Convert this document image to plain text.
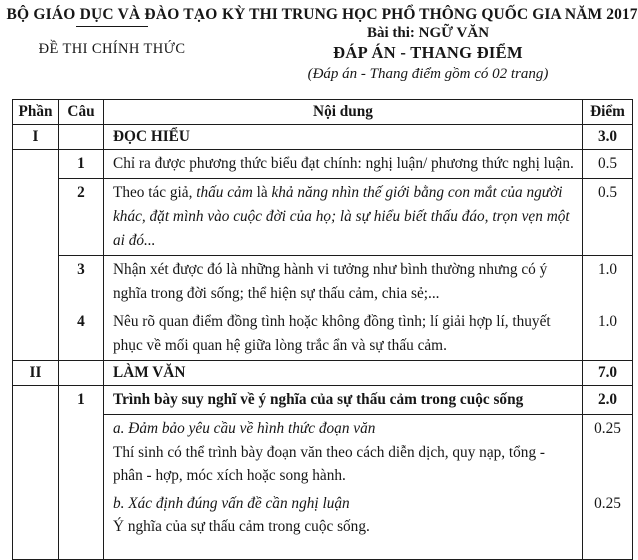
BỘ GIÁO DỤC VÀ ĐÀO TẠO
ĐỀ THI CHÍNH THỨC
KỲ THI TRUNG HỌC PHỔ THÔNG QUỐC GIA NĂM 2017
Bài thi: NGỮ VĂN
ĐÁP ÁN - THANG ĐIỂM
(Đáp án - Thang điểm gồm có 02 trang)
Phần	Câu	Nội dung	Điểm
I		ĐỌC HIỂU	3.0
	1	Chỉ ra được phương thức biểu đạt chính: nghị luận/ phương thức nghị luận.	0.5
	2	Theo tác giả, thấu cảm là khả năng nhìn thế giới bằng con mắt của người khác, đặt mình vào cuộc đời của họ; là sự hiểu biết thấu đáo, trọn vẹn một ai đó...	0.5
	3	Nhận xét được đó là những hành vi tưởng như bình thường nhưng có ý nghĩa trong đời sống; thể hiện sự thấu cảm, chia sẻ;...	1.0
	4	Nêu rõ quan điểm đồng tình hoặc không đồng tình; lí giải hợp lí, thuyết phục về mối quan hệ giữa lòng trắc ẩn và sự thấu cảm.	1.0
II		LÀM VĂN	7.0
	1	Trình bày suy nghĩ về ý nghĩa của sự thấu cảm trong cuộc sống	2.0

		a. Đảm bảo yêu cầu về hình thức đoạn văn
Thí sinh có thể trình bày đoạn văn theo cách diễn dịch, quy nạp, tổng - phân - hợp, móc xích hoặc song hành.	0.25

		b. Xác định đúng vấn đề cần nghị luận
Ý nghĩa của sự thấu cảm trong cuộc sống.	0.25
